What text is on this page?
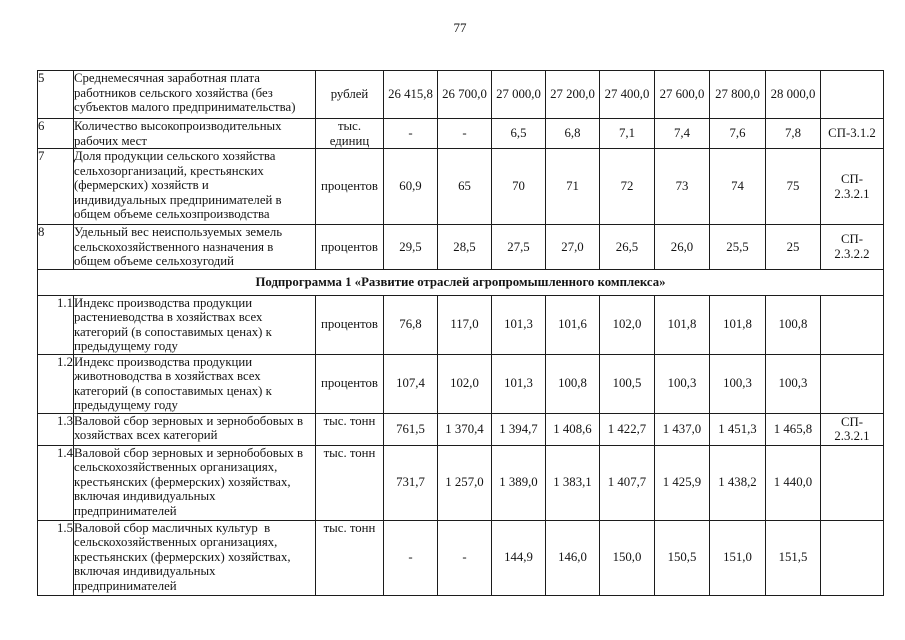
77
5	Среднемесячная заработная плата
работников сельского хозяйства (без
субъектов малого предпринимательства)	рублей	26 415,8	26 700,0	27 000,0	27 200,0	27 400,0	27 600,0	27 800,0	28 000,0	
6	Количество высокопроизводительных
рабочих мест	тыс.
единиц	-	-	6,5	6,8	7,1	7,4	7,6	7,8	СП-3.1.2
7	Доля продукции сельского хозяйства
сельхозорганизаций, крестьянских
(фермерских) хозяйств и
индивидуальных предпринимателей в
общем объеме сельхозпроизводства	процентов	60,9	65	70	71	72	73	74	75	СП-2.3.2.1
8	Удельный вес неиспользуемых земель
сельскохозяйственного назначения в
общем объеме сельхозугодий	процентов	29,5	28,5	27,5	27,0	26,5	26,0	25,5	25	СП-2.3.2.2
Подпрограмма 1 «Развитие отраслей агропромышленного комплекса»											
1.1	Индекс производства продукции
растениеводства в хозяйствах всех
категорий (в сопоставимых ценах) к
предыдущему году	процентов	76,8	117,0	101,3	101,6	102,0	101,8	101,8	100,8	
1.2	Индекс производства продукции
животноводства в хозяйствах всех
категорий (в сопоставимых ценах) к
предыдущему году	процентов	107,4	102,0	101,3	100,8	100,5	100,3	100,3	100,3	
1.3	Валовой сбор зерновых и зернобобовых в
хозяйствах всех категорий	тыс. тонн	761,5	1 370,4	1 394,7	1 408,6	1 422,7	1 437,0	1 451,3	1 465,8	СП-2.3.2.1
1.4	Валовой сбор зерновых и зернобобовых в
сельскохозяйственных организациях,
крестьянских (фермерских) хозяйствах,
включая индивидуальных
предпринимателей	тыс. тонн	731,7	1 257,0	1 389,0	1 383,1	1 407,7	1 425,9	1 438,2	1 440,0	
1.5	Валовой сбор масличных культур  в
сельскохозяйственных организациях,
крестьянских (фермерских) хозяйствах,
включая индивидуальных
предпринимателей	тыс. тонн	-	-	144,9	146,0	150,0	150,5	151,0	151,5	
